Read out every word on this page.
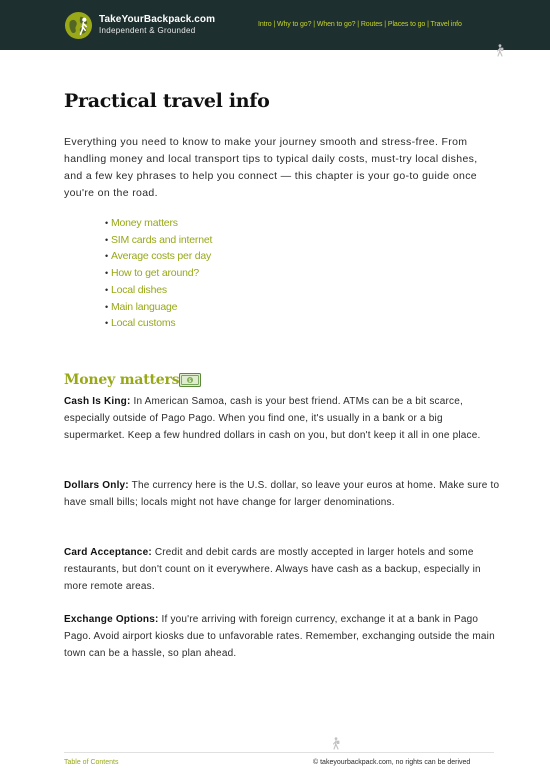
TakeYourBackpack.com
Independent & Grounded
Intro | Why to go? | When to go? | Routes | Places to go | Travel info
Practical travel info

Everything you need to know to make your journey smooth and stress-free. From handling money and local transport tips to typical daily costs, must-try local dishes, and a few key phrases to help you connect — this chapter is your go-to guide once you're on the road.

• Money matters
• SIM cards and internet
• Average costs per day
• How to get around?
• Local dishes
• Main language
• Local customs
Money matters $

Cash Is King: In American Samoa, cash is your best friend. ATMs can be a bit scarce, especially outside of Pago Pago. When you find one, it's usually in a bank or a big supermarket. Keep a few hundred dollars in cash on you, but don't keep it all in one place.

Dollars Only: The currency here is the U.S. dollar, so leave your euros at home. Make sure to have small bills; locals might not have change for larger denominations.

Card Acceptance: Credit and debit cards are mostly accepted in larger hotels and some restaurants, but don't count on it everywhere. Always have cash as a backup, especially in more remote areas.

Exchange Options: If you're arriving with foreign currency, exchange it at a bank in Pago Pago. Avoid airport kiosks due to unfavorable rates. Remember, exchanging outside the main town can be a hassle, so plan ahead.

Table of Contents	© takeyourbackpack.com, no rights can be derived
